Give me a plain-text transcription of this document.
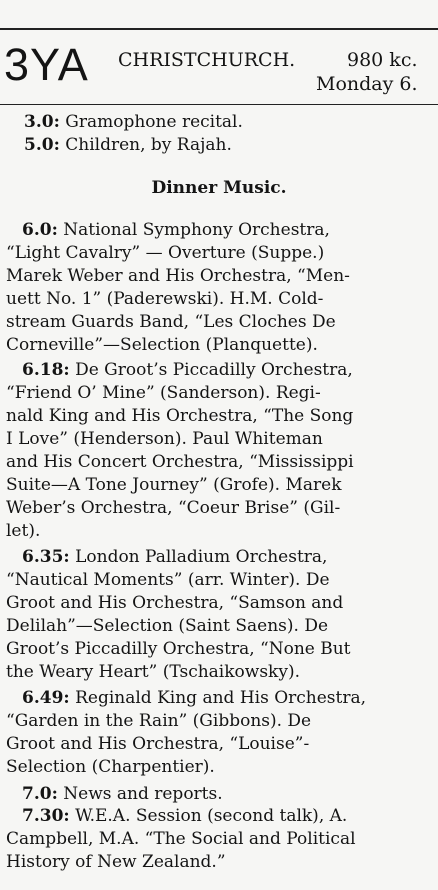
3YA CHRISTCHURCH.	980 kc.
Monday 6.
3.0: Gramophone recital.
5.0: Children, by Rajah.
Dinner Music.
6.0: National Symphony Orchestra,
“Light Cavalry” — Overture (Suppe.)
Marek Weber and His Orchestra, “Men-
uett No. 1” (Paderewski). H.M. Cold-
stream Guards Band, “Les Cloches De
Corneville”—Selection (Planquette).
6.18: De Groot’s Piccadilly Orchestra,
“Friend O’ Mine” (Sanderson). Regi-
nald King and His Orchestra, “The Song
I Love” (Henderson). Paul Whiteman
and His Concert Orchestra, “Mississippi
Suite—A Tone Journey” (Grofe). Marek
Weber’s Orchestra, “Coeur Brise” (Gil-
let).
6.35: London Palladium Orchestra,
“Nautical Moments” (arr. Winter). De
Groot and His Orchestra, “Samson and
Delilah”—Selection (Saint Saens). De
Groot’s Piccadilly Orchestra, “None But
the Weary Heart” (Tschaikowsky).
6.49: Reginald King and His Orchestra,
“Garden in the Rain” (Gibbons). De
Groot and His Orchestra, “Louise”-
Selection (Charpentier).
7.0: News and reports.
7.30: W.E.A. Session (second talk), A.
Campbell, M.A. “The Social and Political
History of New Zealand.”
